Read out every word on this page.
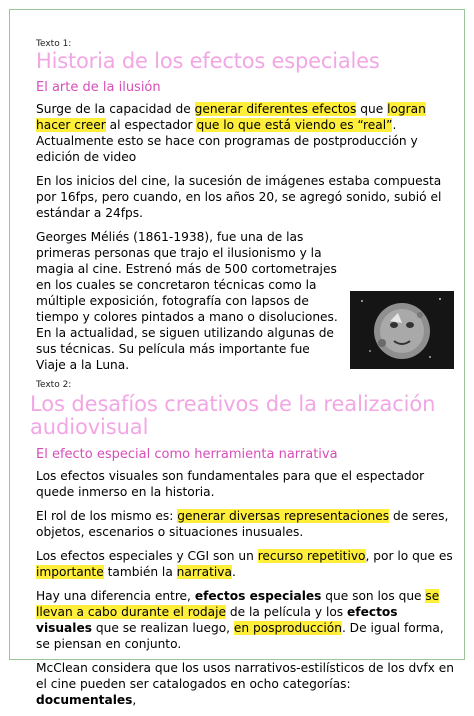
Texto 1:
Historia de los efectos especiales
El arte de la ilusión

Surge de la capacidad de generar diferentes efectos que logran hacer creer al espectador que lo que está viendo es “real”. Actualmente esto se hace con programas de postproducción y edición de video

En los inicios del cine, la sucesión de imágenes estaba compuesta por 16fps, pero cuando, en los años 20, se agregó sonido, subió el estándar a 24fps.

Georges Méliés (1861-1938), fue una de las primeras personas que trajo el ilusionismo y la magia al cine. Estrenó más de 500 cortometrajes en los cuales se concretaron técnicas como la múltiple exposición, fotografía con lapsos de tiempo y colores pintados a mano o disoluciones. En la actualidad, se siguen utilizando algunas de sus técnicas. Su película más importante fue Viaje a la Luna.

Texto 2:
Los desafíos creativos de la realización audiovisual
El efecto especial como herramienta narrativa

Los efectos visuales son fundamentales para que el espectador quede inmerso en la historia.

El rol de los mismo es: generar diversas representaciones de seres, objetos, escenarios o situaciones inusuales.

Los efectos especiales y CGI son un recurso repetitivo, por lo que es importante también la narrativa.

Hay una diferencia entre, efectos especiales que son los que se llevan a cabo durante el rodaje de la película y los efectos visuales que se realizan luego, en posproducción. De igual forma, se piensan en conjunto.

McClean considera que los usos narrativos-estilísticos de los dvfx en el cine pueden ser catalogados en ocho categorías: documentales,
